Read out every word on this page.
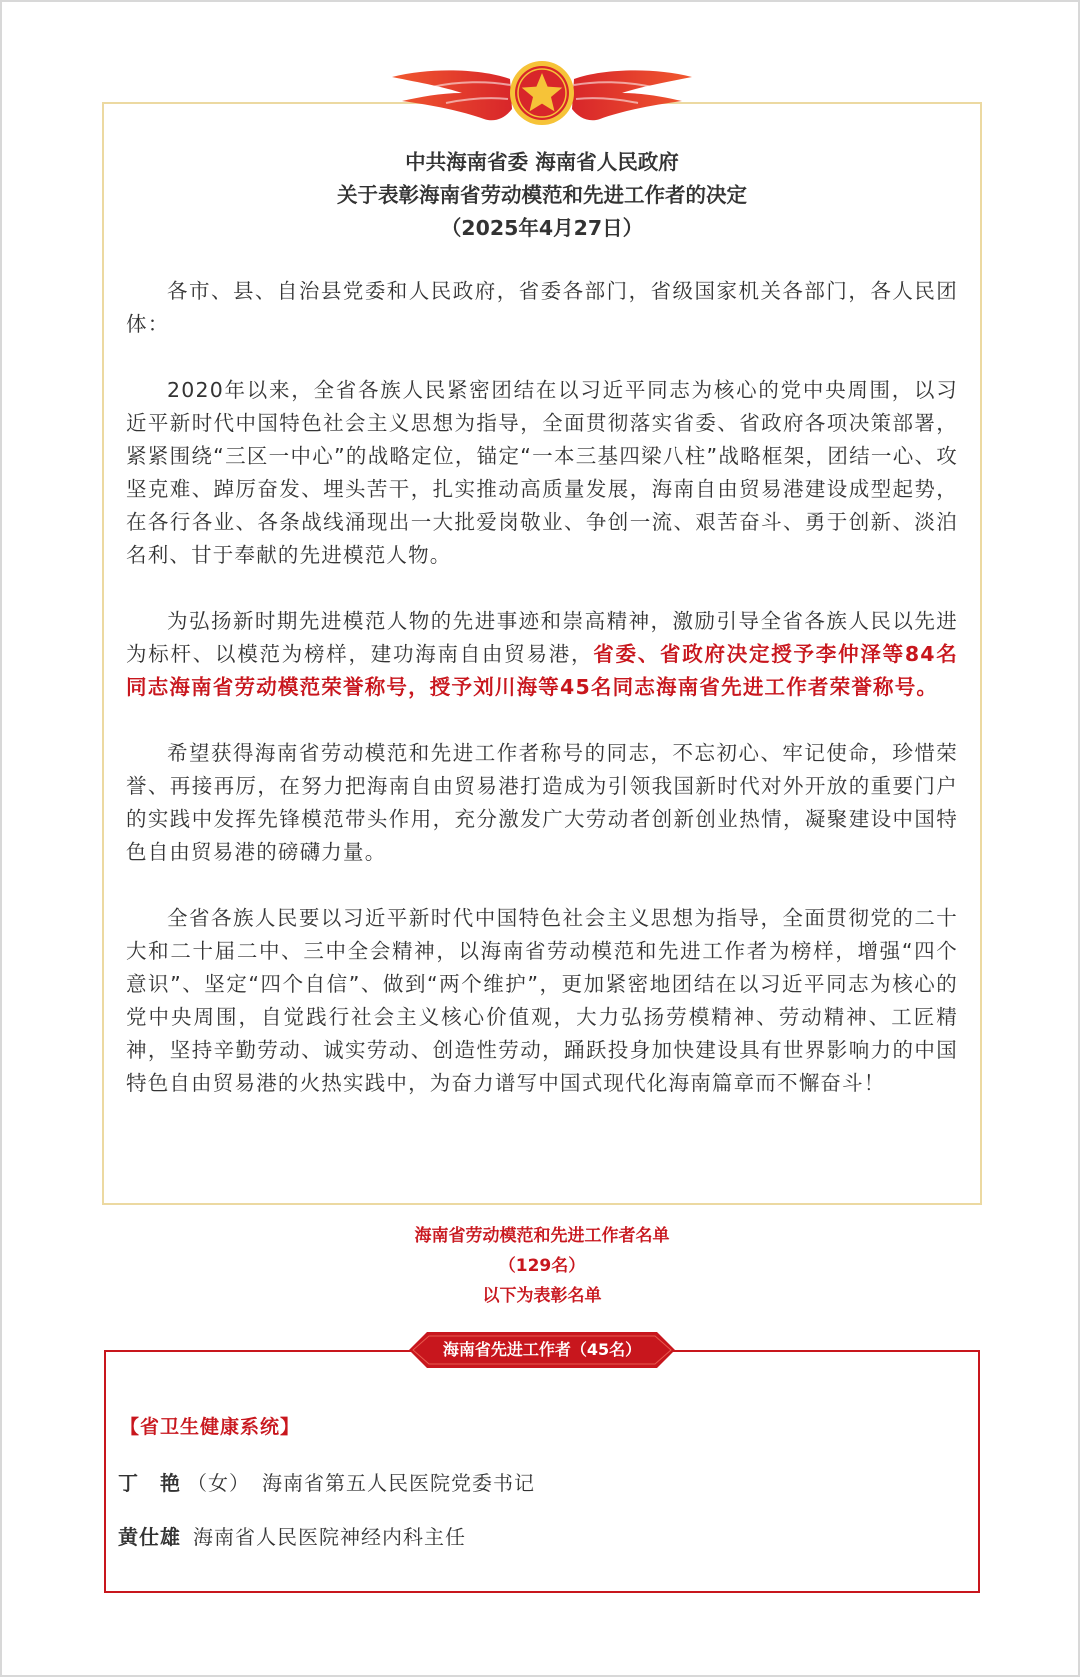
中共海南省委 海南省人民政府
关于表彰海南省劳动模范和先进工作者的决定
（2025年4月27日）

各市、县、自治县党委和人民政府，省委各部门，省级国家机关各部门，各人民团体：

2020年以来，全省各族人民紧密团结在以习近平同志为核心的党中央周围，以习近平新时代中国特色社会主义思想为指导，全面贯彻落实省委、省政府各项决策部署，紧紧围绕“三区一中心”的战略定位，锚定“一本三基四梁八柱”战略框架，团结一心、攻坚克难、踔厉奋发、埋头苦干，扎实推动高质量发展，海南自由贸易港建设成型起势，在各行各业、各条战线涌现出一大批爱岗敬业、争创一流、艰苦奋斗、勇于创新、淡泊名利、甘于奉献的先进模范人物。

为弘扬新时期先进模范人物的先进事迹和崇高精神，激励引导全省各族人民以先进为标杆、以模范为榜样，建功海南自由贸易港，省委、省政府决定授予李仲泽等84名同志海南省劳动模范荣誉称号，授予刘川海等45名同志海南省先进工作者荣誉称号。

希望获得海南省劳动模范和先进工作者称号的同志，不忘初心、牢记使命，珍惜荣誉、再接再厉，在努力把海南自由贸易港打造成为引领我国新时代对外开放的重要门户的实践中发挥先锋模范带头作用，充分激发广大劳动者创新创业热情，凝聚建设中国特色自由贸易港的磅礴力量。

全省各族人民要以习近平新时代中国特色社会主义思想为指导，全面贯彻党的二十大和二十届二中、三中全会精神，以海南省劳动模范和先进工作者为榜样，增强“四个意识”、坚定“四个自信”、做到“两个维护”，更加紧密地团结在以习近平同志为核心的党中央周围，自觉践行社会主义核心价值观，大力弘扬劳模精神、劳动精神、工匠精神，坚持辛勤劳动、诚实劳动、创造性劳动，踊跃投身加快建设具有世界影响力的中国特色自由贸易港的火热实践中，为奋力谱写中国式现代化海南篇章而不懈奋斗！

海南省劳动模范和先进工作者名单
（129名）
以下为表彰名单
海南省先进工作者（45名）
【省卫生健康系统】
丁　艳 （女） 海南省第五人民医院党委书记
黄仕雄 海南省人民医院神经内科主任
